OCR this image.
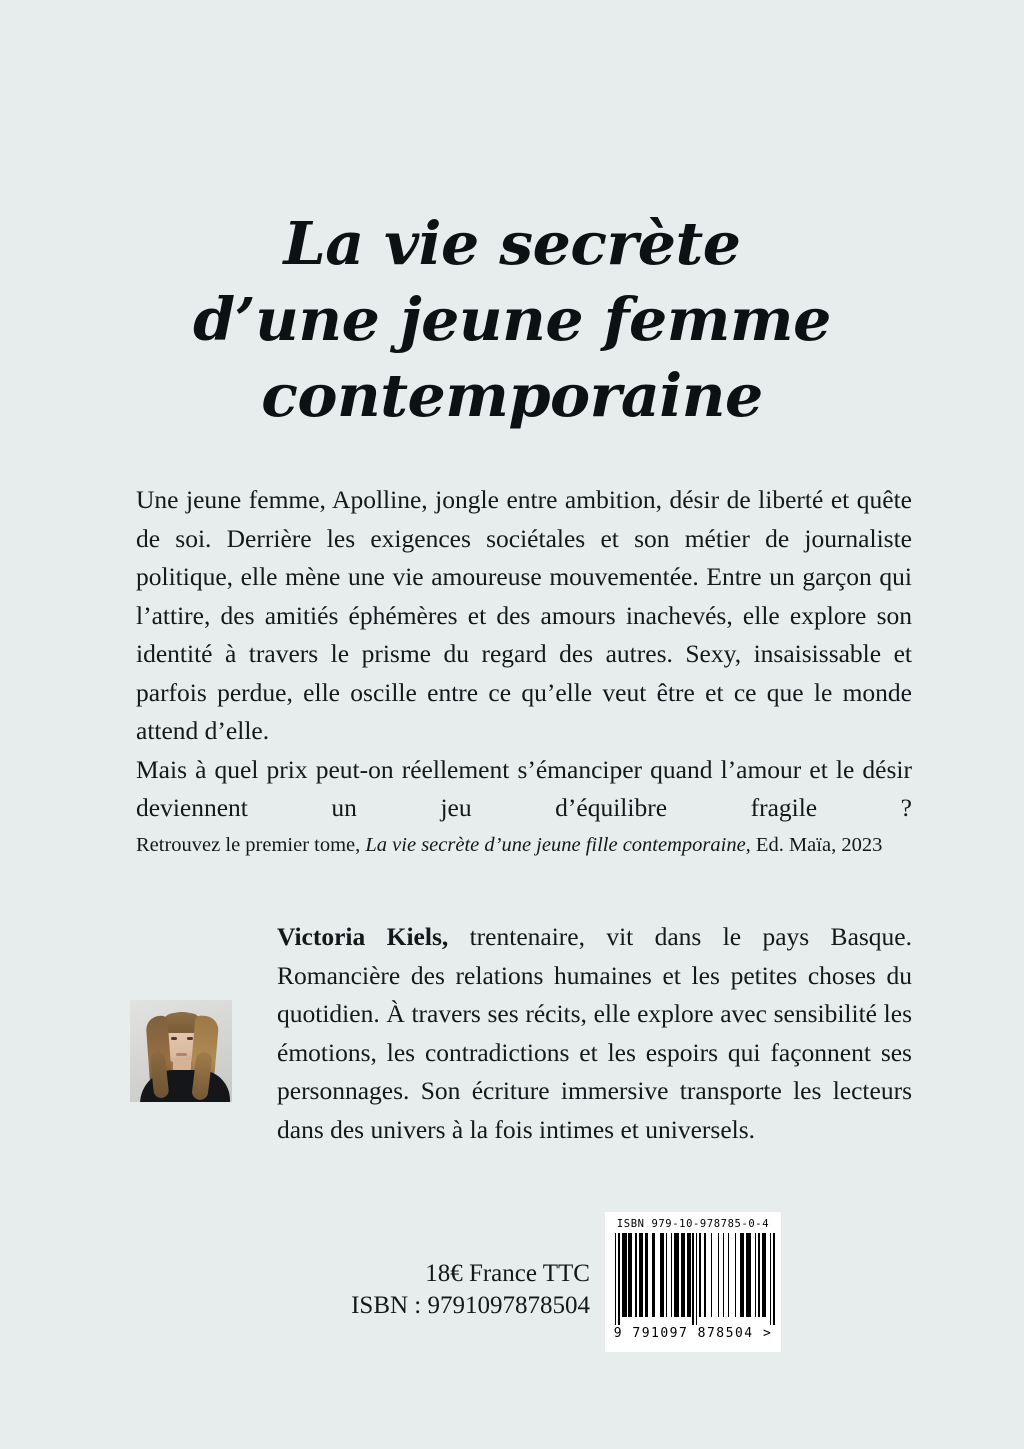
La vie secrète
d’une jeune femme
contemporaine

Une jeune femme, Apolline, jongle entre ambition, désir de liberté et quête de soi. Derrière les exigences sociétales et son métier de journaliste politique, elle mène une vie amoureuse mouvementée. Entre un garçon qui l’attire, des amitiés éphémères et des amours inachevés, elle explore son identité à travers le prisme du regard des autres. Sexy, insaisissable et parfois perdue, elle oscille entre ce qu’elle veut être et ce que le monde attend d’elle.

Mais à quel prix peut-on réellement s’émanciper quand l’amour et le désir deviennent un jeu d’équilibre fragile ?

Retrouvez le premier tome, La vie secrète d’une jeune fille contemporaine, Ed. Maïa, 2023

Victoria Kiels, trentenaire, vit dans le pays Basque. Romancière des relations humaines et les petites choses du quotidien. À travers ses récits, elle explore avec sensibilité les émotions, les contradictions et les espoirs qui façonnent ses personnages. Son écriture immersive transporte les lecteurs dans des univers à la fois intimes et universels.

18€ France TTC
ISBN : 9791097878504
ISBN 979-10-978785-0-4
9 791097 878504 >
